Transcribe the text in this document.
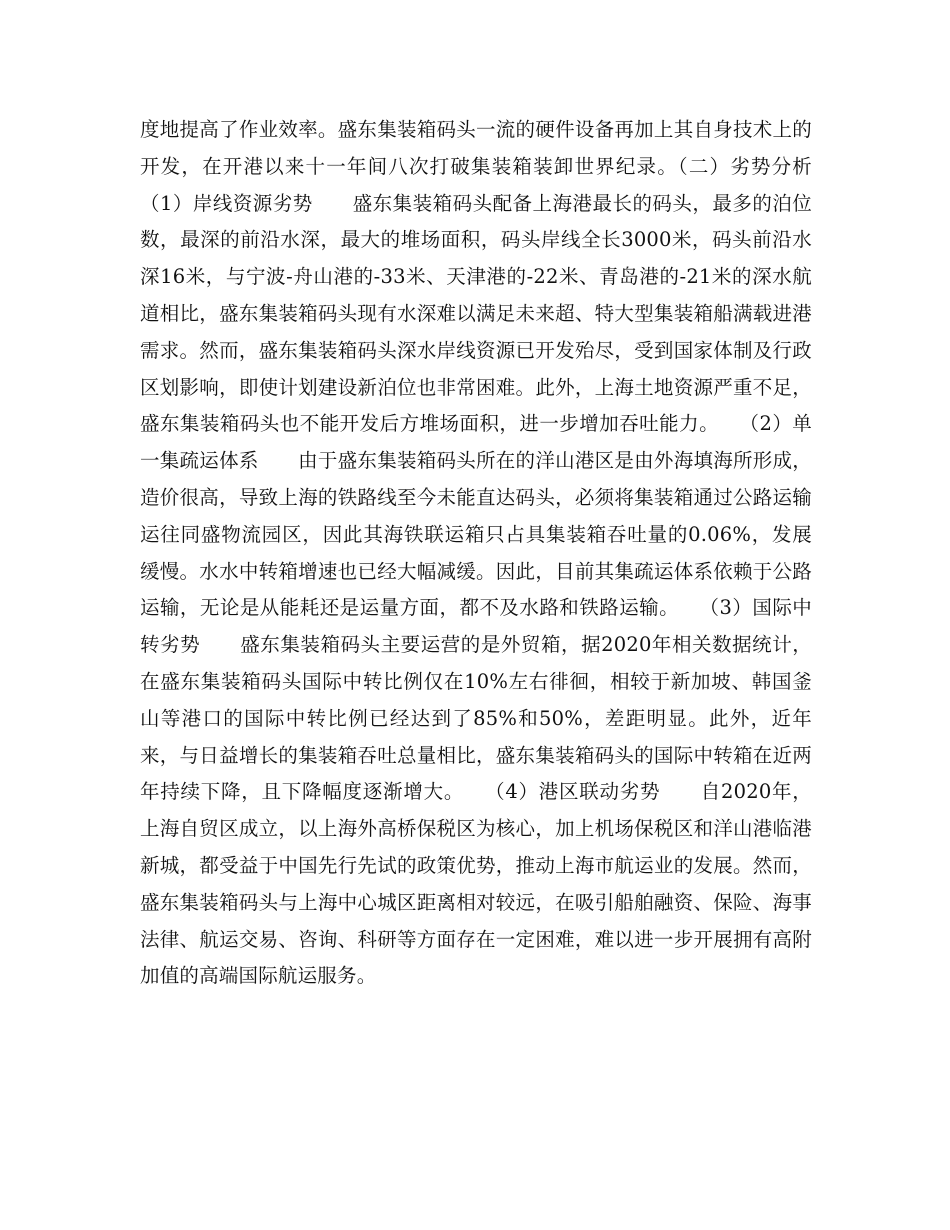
度地提高了作业效率。盛东集装箱码头一流的硬件设备再加上其自身技术上的开发，在开港以来十一年间八次打破集装箱装卸世界纪录。（二）劣势分析　　（1）岸线资源劣势　　盛东集装箱码头配备上海港最长的码头，最多的泊位数，最深的前沿水深，最大的堆场面积，码头岸线全长3000米，码头前沿水深16米，与宁波-舟山港的-33米、天津港的-22米、青岛港的-21米的深水航道相比，盛东集装箱码头现有水深难以满足未来超、特大型集装箱船满载进港需求。然而，盛东集装箱码头深水岸线资源已开发殆尽，受到国家体制及行政区划影响，即使计划建设新泊位也非常困难。此外，上海土地资源严重不足，盛东集装箱码头也不能开发后方堆场面积，进一步增加吞吐能力。　　（2）单一集疏运体系　　由于盛东集装箱码头所在的洋山港区是由外海填海所形成，造价很高，导致上海的铁路线至今未能直达码头，必须将集装箱通过公路运输运往同盛物流园区，因此其海铁联运箱只占具集装箱吞吐量的0.06%，发展缓慢。水水中转箱增速也已经大幅减缓。因此，目前其集疏运体系依赖于公路运输，无论是从能耗还是运量方面，都不及水路和铁路运输。　　（3）国际中转劣势　　盛东集装箱码头主要运营的是外贸箱，据2020年相关数据统计，在盛东集装箱码头国际中转比例仅在10%左右徘徊，相较于新加坡、韩国釜山等港口的国际中转比例已经达到了85%和50%，差距明显。此外，近年来，与日益增长的集装箱吞吐总量相比，盛东集装箱码头的国际中转箱在近两年持续下降，且下降幅度逐渐增大。　　（4）港区联动劣势　　自2020年，上海自贸区成立，以上海外高桥保税区为核心，加上机场保税区和洋山港临港新城，都受益于中国先行先试的政策优势，推动上海市航运业的发展。然而，盛东集装箱码头与上海中心城区距离相对较远，在吸引船舶融资、保险、海事法律、航运交易、咨询、科研等方面存在一定困难，难以进一步开展拥有高附加值的高端国际航运服务。
